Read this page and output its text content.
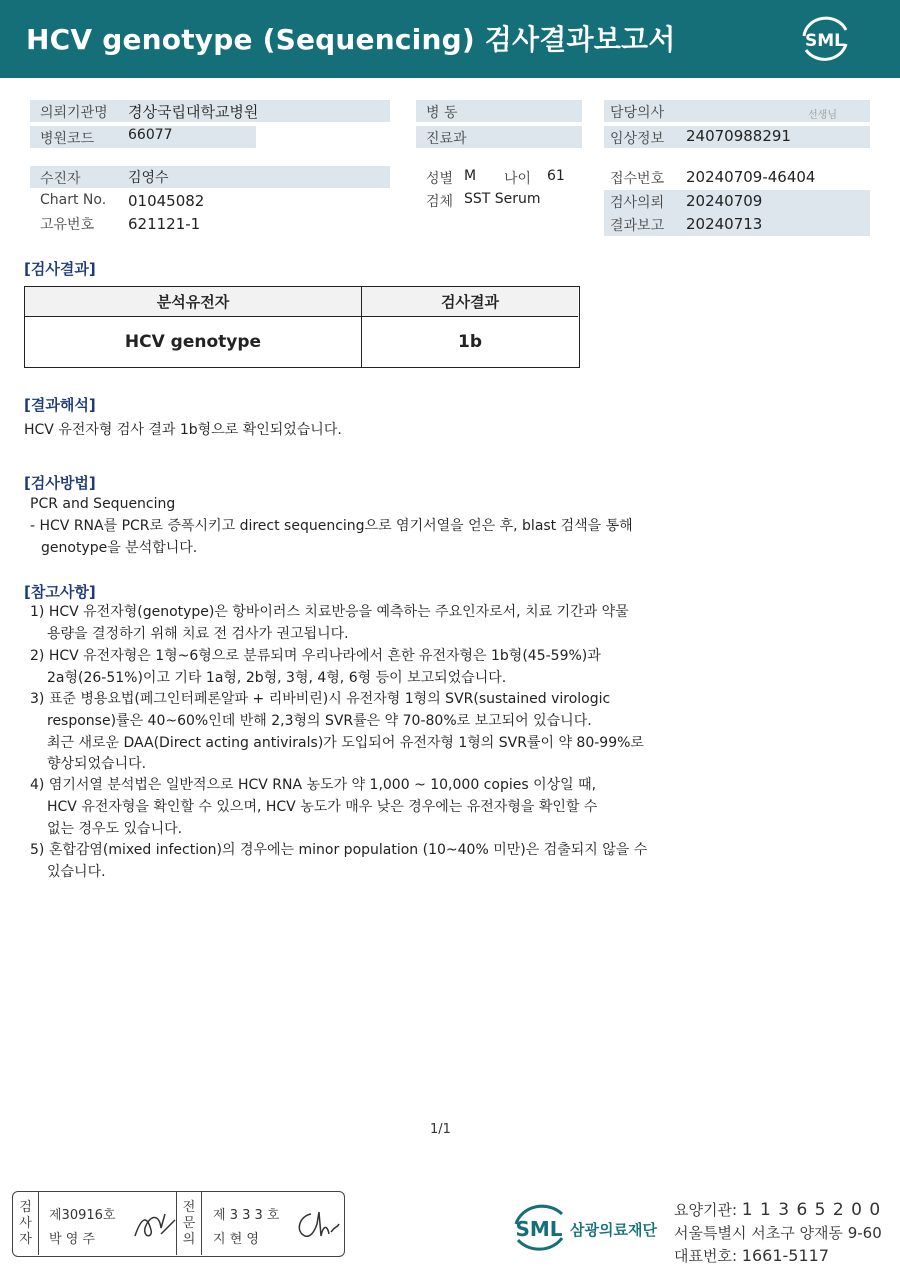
HCV genotype (Sequencing) 검사결과보고서	SML
의뢰기관명 경상국립대학교병원	병 동	담당의사	선생님
병원코드 66077	진료과	임상정보 24070988291
수진자	김영수
Chart No. 01045082
고유번호 621121-1
성별 M 나이 61
검체 SST Serum
접수번호 20240709-46404
검사의뢰 20240709
결과보고 20240713
[검사결과]
분석유전자	검사결과
HCV genotype	1b
[결과해석]
HCV 유전자형 검사 결과 1b형으로 확인되었습니다.
[검사방법]
PCR and Sequencing
- HCV RNA를 PCR로 증폭시키고 direct sequencing으로 염기서열을 얻은 후, blast 검색을 통해
genotype을 분석합니다.
[참고사항]
1) HCV 유전자형(genotype)은 항바이러스 치료반응을 예측하는 주요인자로서, 치료 기간과 약물
용량을 결정하기 위해 치료 전 검사가 권고됩니다.
2) HCV 유전자형은 1형~6형으로 분류되며 우리나라에서 흔한 유전자형은 1b형(45-59%)과
2a형(26-51%)이고 기타 1a형, 2b형, 3형, 4형, 6형 등이 보고되었습니다.
3) 표준 병용요법(페그인터페론알파 + 리바비린)시 유전자형 1형의 SVR(sustained virologic
response)률은 40~60%인데 반해 2,3형의 SVR률은 약 70-80%로 보고되어 있습니다.
최근 새로운 DAA(Direct acting antivirals)가 도입되어 유전자형 1형의 SVR률이 약 80-99%로
향상되었습니다.
4) 염기서열 분석법은 일반적으로 HCV RNA 농도가 약 1,000 ~ 10,000 copies 이상일 때,
HCV 유전자형을 확인할 수 있으며, HCV 농도가 매우 낮은 경우에는 유전자형을 확인할 수
없는 경우도 있습니다.
5) 혼합감염(mixed infection)의 경우에는 minor population (10~40% 미만)은 검출되지 않을 수
있습니다.
1/1
검
사
자
제30916호
박 영 주
전
문
의
제 3 3 3 호
지 현 영	SML 삼광의료재단
요양기관: 1 1 3 6 5 2 0 0
서울특별시 서초구 양재동 9-60
대표번호: 1661-5117
